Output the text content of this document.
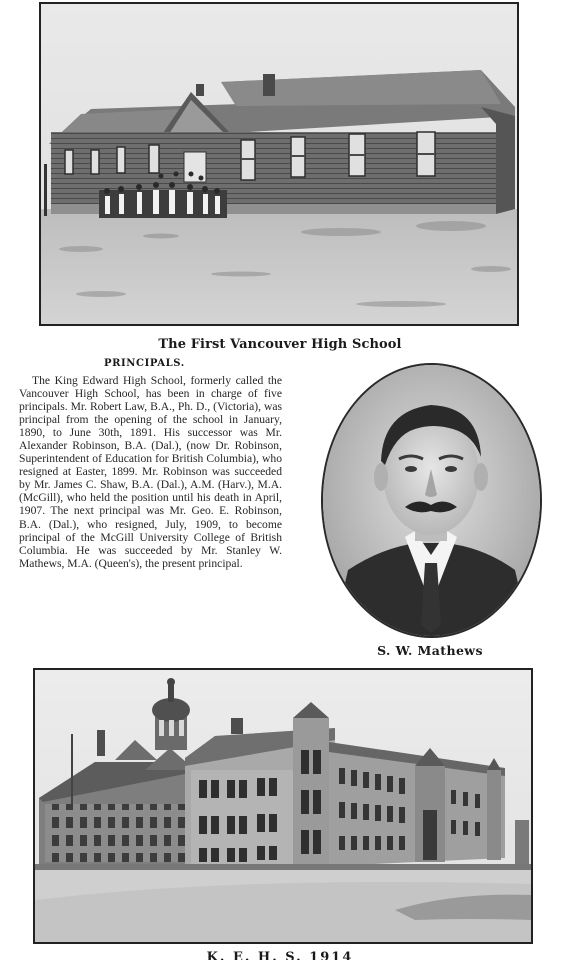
The First Vancouver High School
PRINCIPALS.
The King Edward High School, formerly called the Vancouver High School, has been in charge of five principals. Mr. Robert Law, B.A., Ph. D., (Victoria), was principal from the opening of the school in January, 1890, to June 30th, 1891. His successor was Mr. Alexander Robinson, B.A. (Dal.), (now Dr. Robinson, Superintendent of Education for British Columbia), who resigned at Easter, 1899. Mr. Robinson was succeeded by Mr. James C. Shaw, B.A. (Dal.), A.M. (Harv.), M.A. (McGill), who held the position until his death in April, 1907. The next principal was Mr. Geo. E. Robinson, B.A. (Dal.), who resigned, July, 1909, to become principal of the McGill University College of British Columbia. He was succeeded by Mr. Stanley W. Mathews, M.A. (Queen's), the present principal.
S. W. Mathews
K. E. H. S. 1914
